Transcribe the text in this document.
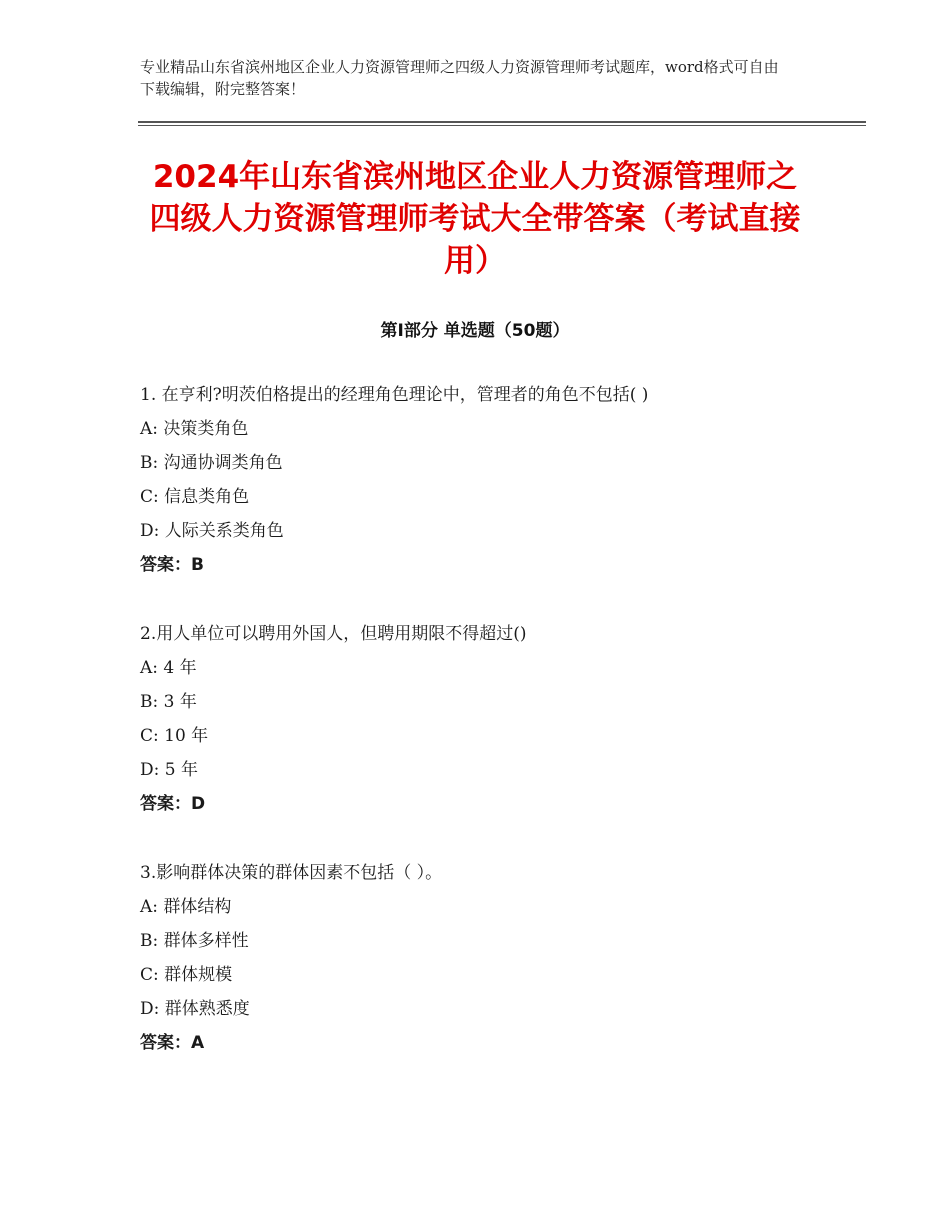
专业精品山东省滨州地区企业人力资源管理师之四级人力资源管理师考试题库，word格式可自由下载编辑，附完整答案！
2024年山东省滨州地区企业人力资源管理师之四级人力资源管理师考试大全带答案（考试直接用）
第Ⅰ部分 单选题（50题）
1. 在亨利?明茨伯格提出的经理角色理论中，管理者的角色不包括( )
A: 决策类角色
B: 沟通协调类角色
C: 信息类角色
D: 人际关系类角色
答案：B
2.用人单位可以聘用外国人，但聘用期限不得超过()
A: 4 年
B: 3 年
C: 10 年
D: 5 年
答案：D
3.影响群体决策的群体因素不包括（ ）。
A: 群体结构
B: 群体多样性
C: 群体规模
D: 群体熟悉度
答案：A
